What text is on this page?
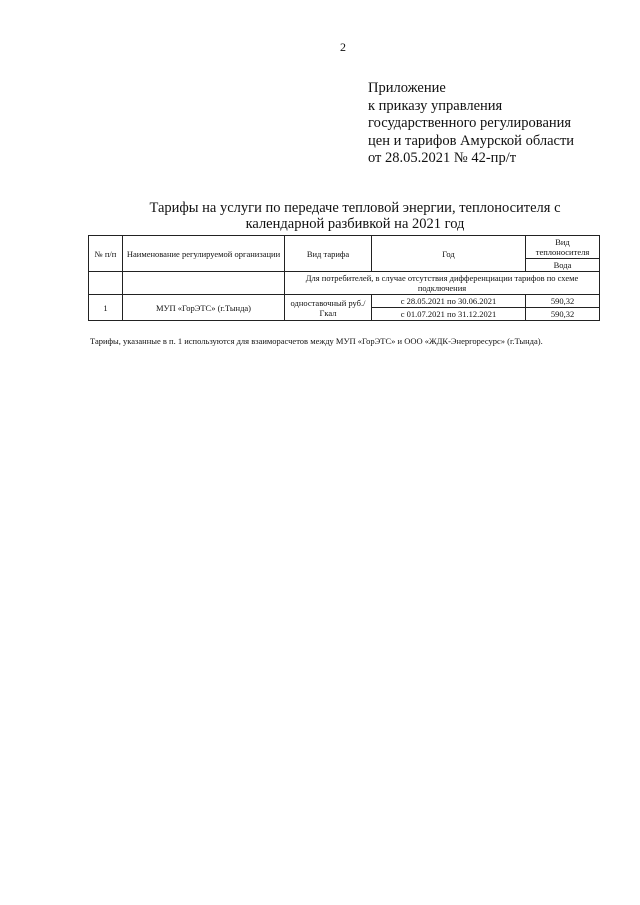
2
Приложение
к приказу управления
государственного регулирования
цен и тарифов Амурской области
от 28.05.2021 № 42-пр/т
Тарифы на услуги по передаче тепловой энергии, теплоносителя с календарной разбивкой на 2021 год
№ п/п	Наименование регулируемой организации	Вид тарифа	Год	Вид теплоносителя
				Вода
		Для потребителей, в случае отсутствия дифференциации тарифов по схеме подключения		
1	МУП «ГорЭТС» (г.Тында)	одноставочный руб./Гкал	с 28.05.2021 по 30.06.2021	590,32
			с 01.07.2021 по 31.12.2021	590,32
Тарифы, указанные в п. 1 используются для взаиморасчетов между МУП «ГорЭТС» и ООО «ЖДК-Энергоресурс» (г.Тында).
